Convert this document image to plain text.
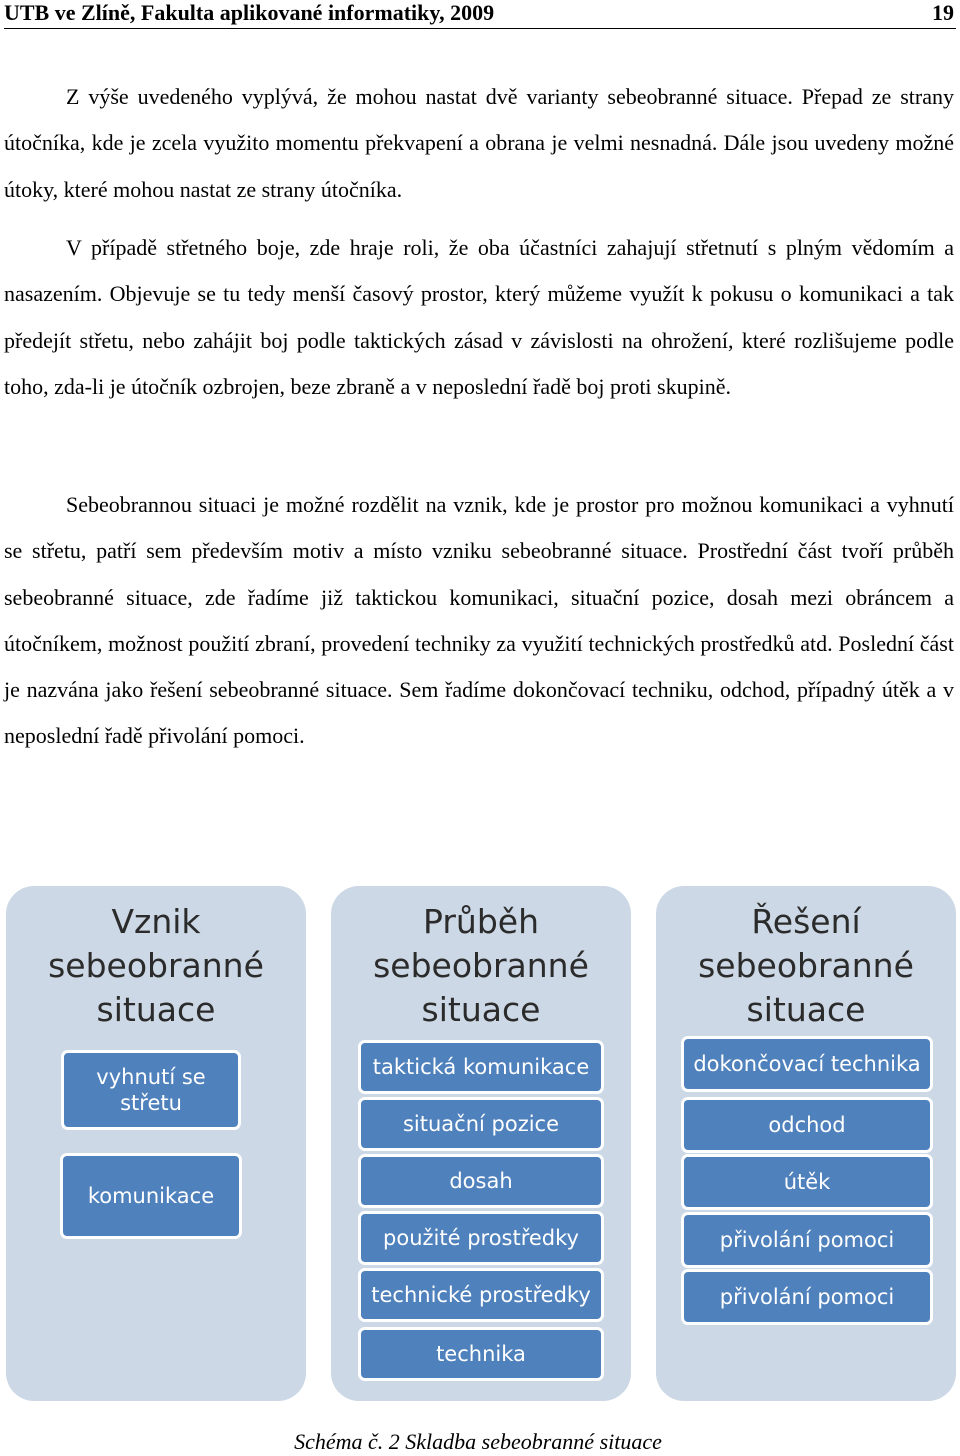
UTB ve Zlíně, Fakulta aplikované informatiky, 2009	19

Z výše uvedeného vyplývá, že mohou nastat dvě varianty sebeobranné situace. Přepad ze strany útočníka, kde je zcela využito momentu překvapení a obrana je velmi nesnadná. Dále jsou uvedeny možné útoky, které mohou nastat ze strany útočníka.

V případě střetného boje, zde hraje roli, že oba účastníci zahajují střetnutí s plným vědomím a nasazením. Objevuje se tu tedy menší časový prostor, který můžeme využít k pokusu o komunikaci a tak předejít střetu, nebo zahájit boj podle taktických zásad v závislosti na ohrožení, které rozlišujeme podle toho, zda-li je útočník ozbrojen, beze zbraně a v neposlední řadě boj proti skupině.

Sebeobrannou situaci je možné rozdělit na vznik, kde je prostor pro možnou komunikaci a vyhnutí se střetu, patří sem především motiv a místo vzniku sebeobranné situace. Prostřední část tvoří průběh sebeobranné situace, zde řadíme již taktickou komunikaci, situační pozice, dosah mezi obráncem a útočníkem, možnost použití zbraní, provedení techniky za využití technických prostředků atd. Poslední část je nazvána jako řešení sebeobranné situace. Sem řadíme dokončovací techniku, odchod, případný útěk a v neposlední řadě přivolání pomoci.

Vznik
sebeobranné
situace
vyhnutí se střetu
komunikace
Průběh
sebeobranné
situace
taktická komunikace
situační pozice
dosah
použité prostředky
technické prostředky
technika
Řešení
sebeobranné
situace
dokončovací technika
odchod
útěk
přivolání pomoci
přivolání pomoci
Schéma č. 2 Skladba sebeobranné situace
